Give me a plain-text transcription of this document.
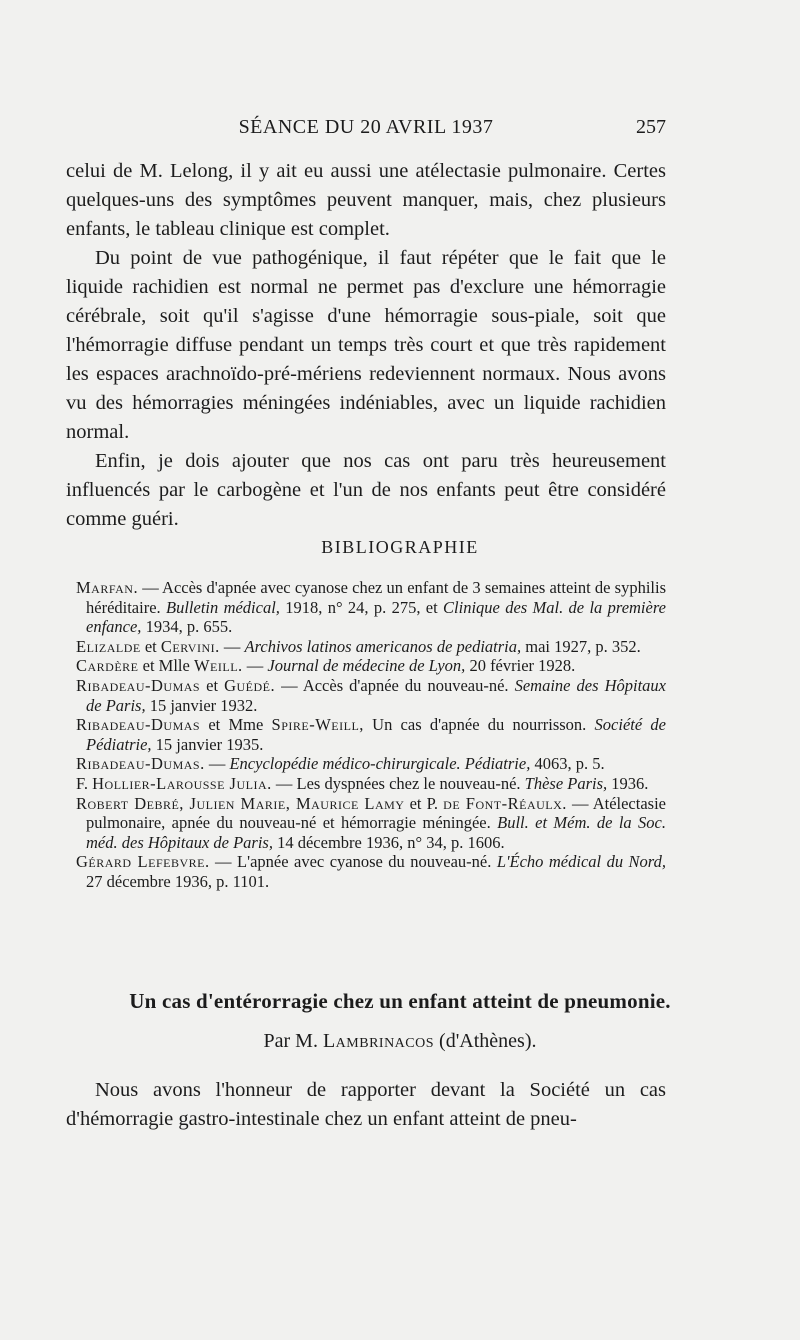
SÉANCE DU 20 AVRIL 1937	257

celui de M. Lelong, il y ait eu aussi une atélectasie pulmonaire. Certes quelques-uns des symptômes peuvent manquer, mais, chez plusieurs enfants, le tableau clinique est complet.

Du point de vue pathogénique, il faut répéter que le fait que le liquide rachidien est normal ne permet pas d'exclure une hémorragie cérébrale, soit qu'il s'agisse d'une hémorragie sous-piale, soit que l'hémorragie diffuse pendant un temps très court et que très rapidement les espaces arachnoïdo-pré-mériens redeviennent normaux. Nous avons vu des hémorragies méningées indéniables, avec un liquide rachidien normal.

Enfin, je dois ajouter que nos cas ont paru très heureusement influencés par le carbogène et l'un de nos enfants peut être considéré comme guéri.

BIBLIOGRAPHIE

Marfan. — Accès d'apnée avec cyanose chez un enfant de 3 semaines atteint de syphilis héréditaire. Bulletin médical, 1918, n° 24, p. 275, et Clinique des Mal. de la première enfance, 1934, p. 655.

Elizalde et Cervini. — Archivos latinos americanos de pediatria, mai 1927, p. 352.

Cardère et Mlle Weill. — Journal de médecine de Lyon, 20 février 1928.

Ribadeau-Dumas et Guédé. — Accès d'apnée du nouveau-né. Semaine des Hôpitaux de Paris, 15 janvier 1932.

Ribadeau-Dumas et Mme Spire-Weill, Un cas d'apnée du nourrisson. Société de Pédiatrie, 15 janvier 1935.

Ribadeau-Dumas. — Encyclopédie médico-chirurgicale. Pédiatrie, 4063, p. 5.

F. Hollier-Larousse Julia. — Les dyspnées chez le nouveau-né. Thèse Paris, 1936.

Robert Debré, Julien Marie, Maurice Lamy et P. de Font-Réaulx. — Atélectasie pulmonaire, apnée du nouveau-né et hémorragie méningée. Bull. et Mém. de la Soc. méd. des Hôpitaux de Paris, 14 décembre 1936, n° 34, p. 1606.

Gérard Lefebvre. — L'apnée avec cyanose du nouveau-né. L'Écho médical du Nord, 27 décembre 1936, p. 1101.

Un cas d'entérorragie chez un enfant atteint de pneumonie.
Par M. Lambrinacos (d'Athènes).

Nous avons l'honneur de rapporter devant la Société un cas d'hémorragie gastro-intestinale chez un enfant atteint de pneu-
